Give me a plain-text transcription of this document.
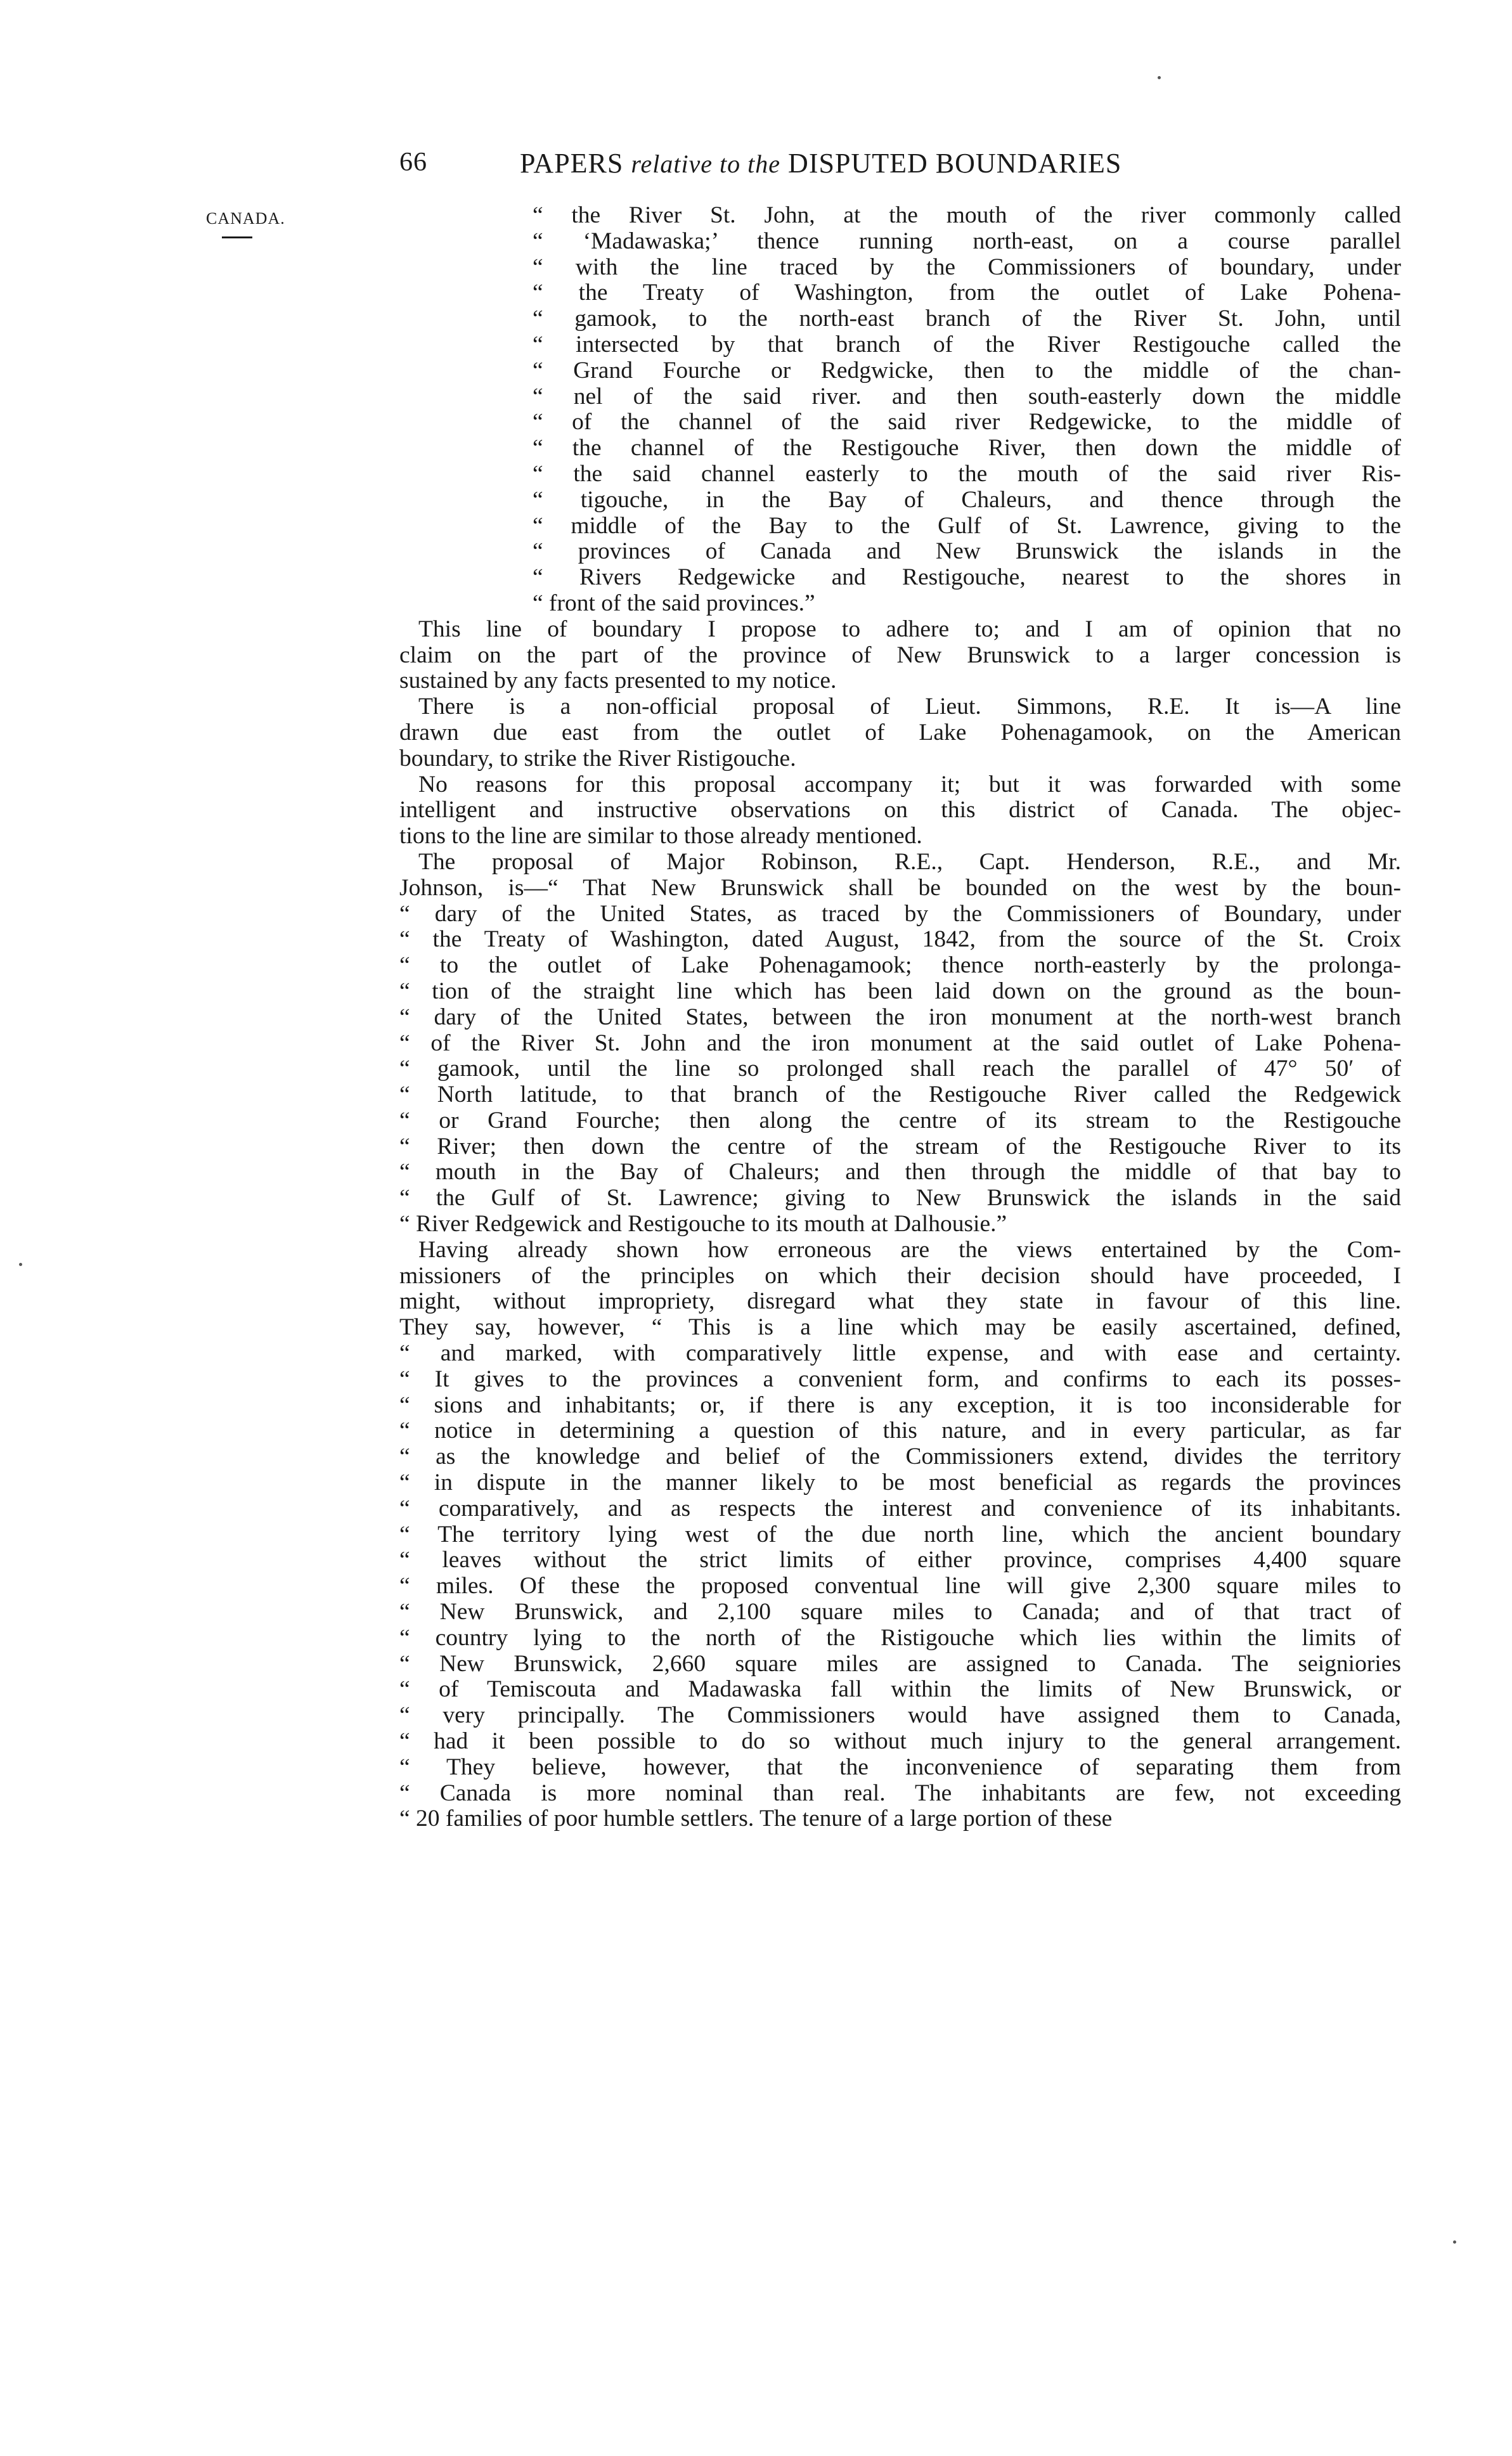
66	PAPERS relative to the DISPUTED BOUNDARIES
CANADA.	“ the River St. John, at the mouth of the river commonly called
“ ‘Madawaska;’ thence running north-east, on a course parallel
“ with the line traced by the Commissioners of boundary, under
“ the Treaty of Washington, from the outlet of Lake Pohena-
“ gamook, to the north-east branch of the River St. John, until
“ intersected by that branch of the River Restigouche called the
“ Grand Fourche or Redgwicke, then to the middle of the chan-
“ nel of the said river. and then south-easterly down the middle
“ of the channel of the said river Redgewicke, to the middle of
“ the channel of the Restigouche River, then down the middle of
“ the said channel easterly to the mouth of the said river Ris-
“ tigouche, in the Bay of Chaleurs, and thence through the
“ middle of the Bay to the Gulf of St. Lawrence, giving to the
“ provinces of Canada and New Brunswick the islands in the
“ Rivers Redgewicke and Restigouche, nearest to the shores in
“ front of the said provinces.”
This line of boundary I propose to adhere to; and I am of opinion that no
claim on the part of the province of New Brunswick to a larger concession is
sustained by any facts presented to my notice.
There is a non-official proposal of Lieut. Simmons, R.E. It is—A line
drawn due east from the outlet of Lake Pohenagamook, on the American
boundary, to strike the River Ristigouche.
No reasons for this proposal accompany it; but it was forwarded with some
intelligent and instructive observations on this district of Canada. The objec-
tions to the line are similar to those already mentioned.
The proposal of Major Robinson, R.E., Capt. Henderson, R.E., and Mr.
Johnson, is—“ That New Brunswick shall be bounded on the west by the boun-
“ dary of the United States, as traced by the Commissioners of Boundary, under
“ the Treaty of Washington, dated August, 1842, from the source of the St. Croix
“ to the outlet of Lake Pohenagamook; thence north-easterly by the prolonga-
“ tion of the straight line which has been laid down on the ground as the boun-
“ dary of the United States, between the iron monument at the north-west branch
“ of the River St. John and the iron monument at the said outlet of Lake Pohena-
“ gamook, until the line so prolonged shall reach the parallel of 47° 50′ of
“ North latitude, to that branch of the Restigouche River called the Redgewick
“ or Grand Fourche; then along the centre of its stream to the Restigouche
“ River; then down the centre of the stream of the Restigouche River to its
“ mouth in the Bay of Chaleurs; and then through the middle of that bay to
“ the Gulf of St. Lawrence; giving to New Brunswick the islands in the said
“ River Redgewick and Restigouche to its mouth at Dalhousie.”
Having already shown how erroneous are the views entertained by the Com-
missioners of the principles on which their decision should have proceeded, I
might, without impropriety, disregard what they state in favour of this line.
They say, however, “ This is a line which may be easily ascertained, defined,
“ and marked, with comparatively little expense, and with ease and certainty.
“ It gives to the provinces a convenient form, and confirms to each its posses-
“ sions and inhabitants; or, if there is any exception, it is too inconsiderable for
“ notice in determining a question of this nature, and in every particular, as far
“ as the knowledge and belief of the Commissioners extend, divides the territory
“ in dispute in the manner likely to be most beneficial as regards the provinces
“ comparatively, and as respects the interest and convenience of its inhabitants.
“ The territory lying west of the due north line, which the ancient boundary
“ leaves without the strict limits of either province, comprises 4,400 square
“ miles. Of these the proposed conventual line will give 2,300 square miles to
“ New Brunswick, and 2,100 square miles to Canada; and of that tract of
“ country lying to the north of the Ristigouche which lies within the limits of
“ New Brunswick, 2,660 square miles are assigned to Canada. The seigniories
“ of Temiscouta and Madawaska fall within the limits of New Brunswick, or
“ very principally. The Commissioners would have assigned them to Canada,
“ had it been possible to do so without much injury to the general arrangement.
“ They believe, however, that the inconvenience of separating them from
“ Canada is more nominal than real. The inhabitants are few, not exceeding
“ 20 families of poor humble settlers. The tenure of a large portion of these
